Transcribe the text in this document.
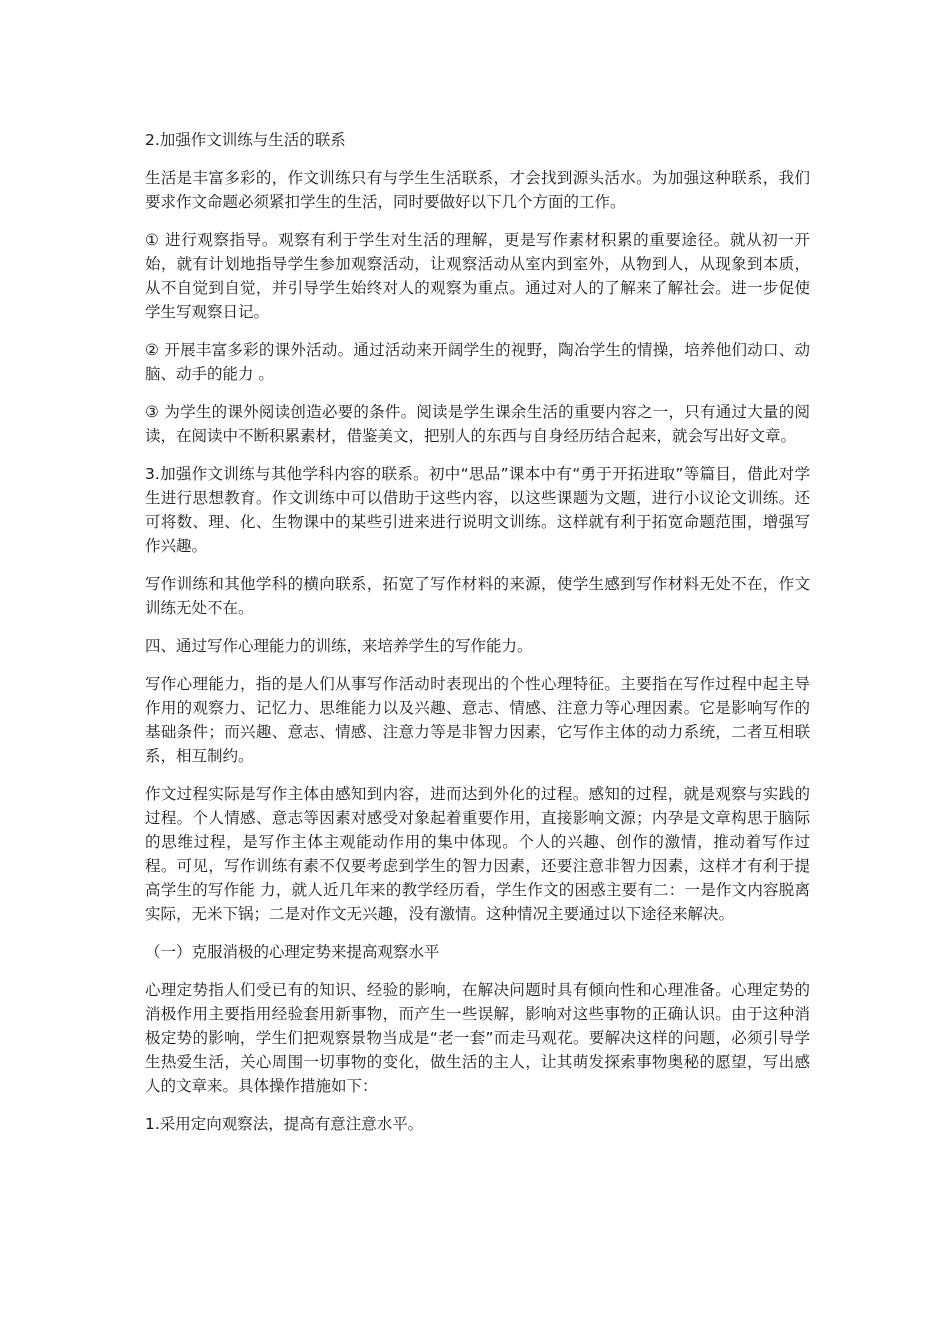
2.加强作文训练与生活的联系

生活是丰富多彩的，作文训练只有与学生生活联系，才会找到源头活水。为加强这种联系，我们要求作文命题必须紧扣学生的生活，同时要做好以下几个方面的工作。

① 进行观察指导。观察有利于学生对生活的理解，更是写作素材积累的重要途径。就从初一开始，就有计划地指导学生参加观察活动，让观察活动从室内到室外，从物到人，从现象到本质，从不自觉到自觉，并引导学生始终对人的观察为重点。通过对人的了解来了解社会。进一步促使学生写观察日记。

② 开展丰富多彩的课外活动。通过活动来开阔学生的视野，陶冶学生的情操，培养他们动口、动脑、动手的能力 。

③ 为学生的课外阅读创造必要的条件。阅读是学生课余生活的重要内容之一，只有通过大量的阅读，在阅读中不断积累素材，借鉴美文，把别人的东西与自身经历结合起来，就会写出好文章。

3.加强作文训练与其他学科内容的联系。初中“思品”课本中有“勇于开拓进取”等篇目，借此对学生进行思想教育。作文训练中可以借助于这些内容，以这些课题为文题，进行小议论文训练。还可将数、理、化、生物课中的某些引进来进行说明文训练。这样就有利于拓宽命题范围，增强写作兴趣。

写作训练和其他学科的横向联系，拓宽了写作材料的来源，使学生感到写作材料无处不在，作文训练无处不在。

四、通过写作心理能力的训练，来培养学生的写作能力。

写作心理能力，指的是人们从事写作活动时表现出的个性心理特征。主要指在写作过程中起主导作用的观察力、记忆力、思维能力以及兴趣、意志、情感、注意力等心理因素。它是影响写作的基础条件；而兴趣、意志、情感、注意力等是非智力因素，它写作主体的动力系统，二者互相联系，相互制约。

作文过程实际是写作主体由感知到内容，进而达到外化的过程。感知的过程，就是观察与实践的过程。个人情感、意志等因素对感受对象起着重要作用，直接影响文源；内孕是文章构思于脑际的思维过程，是写作主体主观能动作用的集中体现。个人的兴趣、创作的激情，推动着写作过程。可见，写作训练有素不仅要考虑到学生的智力因素，还要注意非智力因素，这样才有利于提高学生的写作能 力，就人近几年来的教学经历看，学生作文的困惑主要有二：一是作文内容脱离实际，无米下锅；二是对作文无兴趣，没有激情。这种情况主要通过以下途径来解决。

（一）克服消极的心理定势来提高观察水平

心理定势指人们受已有的知识、经验的影响，在解决问题时具有倾向性和心理准备。心理定势的消极作用主要指用经验套用新事物，而产生一些误解，影响对这些事物的正确认识。由于这种消极定势的影响，学生们把观察景物当成是“老一套”而走马观花。要解决这样的问题，必须引导学生热爱生活，关心周围一切事物的变化，做生活的主人，让其萌发探索事物奥秘的愿望，写出感人的文章来。具体操作措施如下：

1.采用定向观察法，提高有意注意水平。
